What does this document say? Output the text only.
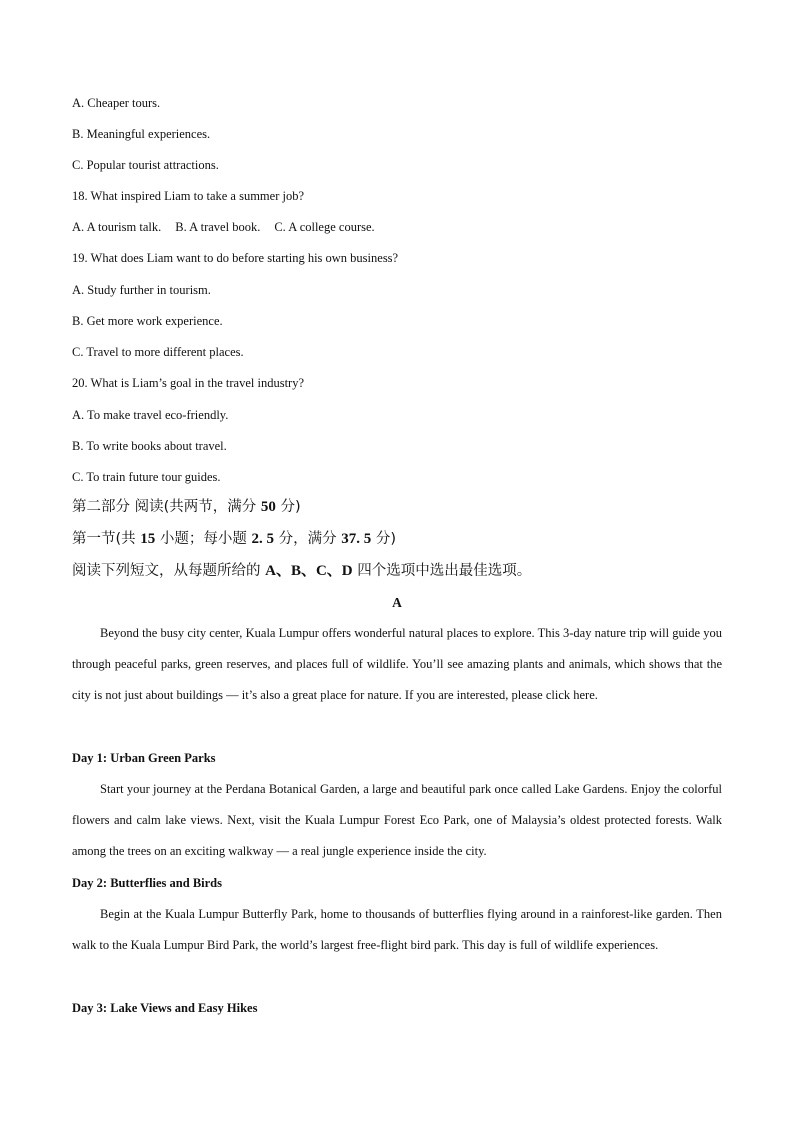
A. Cheaper tours.
B. Meaningful experiences.
C. Popular tourist attractions.
18. What inspired Liam to take a summer job?
A. A tourism talk. B. A travel book. C. A college course.
19. What does Liam want to do before starting his own business?
A. Study further in tourism.
B. Get more work experience.
C. Travel to more different places.
20. What is Liam’s goal in the travel industry?
A. To make travel eco-friendly.
B. To write books about travel.
C. To train future tour guides.
第二部分 阅读(共两节，满分 50 分)
第一节(共 15 小题；每小题 2. 5 分，满分 37. 5 分)
阅读下列短文，从每题所给的 A、B、C、D 四个选项中选出最佳选项。
A
Beyond the busy city center, Kuala Lumpur offers wonderful natural places to explore. This 3-day nature trip will guide you through peaceful parks, green reserves, and places full of wildlife. You’ll see amazing plants and animals, which shows that the city is not just about buildings — it’s also a great place for nature. If you are interested, please click here.
Day 1: Urban Green Parks
Start your journey at the Perdana Botanical Garden, a large and beautiful park once called Lake Gardens. Enjoy the colorful flowers and calm lake views. Next, visit the Kuala Lumpur Forest Eco Park, one of Malaysia’s oldest protected forests. Walk among the trees on an exciting walkway — a real jungle experience inside the city.
Day 2: Butterflies and Birds
Begin at the Kuala Lumpur Butterfly Park, home to thousands of butterflies flying around in a rainforest-like garden. Then walk to the Kuala Lumpur Bird Park, the world’s largest free-flight bird park. This day is full of wildlife experiences.
Day 3: Lake Views and Easy Hikes
